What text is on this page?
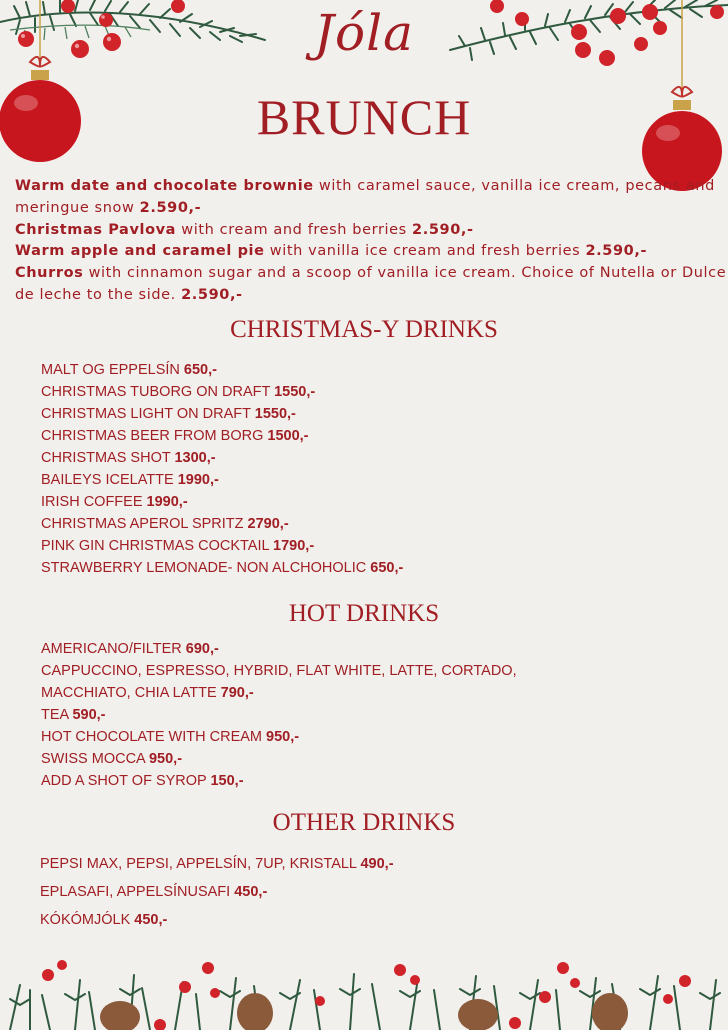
Jóla
BRUNCH

Warm date and chocolate brownie with caramel sauce, vanilla ice cream, pecans and meringue snow 2.590,-

Christmas Pavlova with cream and fresh berries 2.590,-

Warm apple and caramel pie with vanilla ice cream and fresh berries 2.590,-

Churros with cinnamon sugar and a scoop of vanilla ice cream. Choice of Nutella or Dulce de leche to the side. 2.590,-

CHRISTMAS-Y DRINKS
MALT OG EPPELSÍN 650,-
CHRISTMAS TUBORG ON DRAFT 1550,-
CHRISTMAS LIGHT ON DRAFT 1550,-
CHRISTMAS BEER FROM BORG 1500,-
CHRISTMAS SHOT 1300,-
BAILEYS ICELATTE 1990,-
IRISH COFFEE 1990,-
CHRISTMAS APEROL SPRITZ 2790,-
PINK GIN CHRISTMAS COCKTAIL 1790,-
STRAWBERRY LEMONADE- NON ALCHOHOLIC 650,-
HOT DRINKS
AMERICANO/FILTER 690,-
CAPPUCCINO, ESPRESSO, HYBRID, FLAT WHITE, LATTE, CORTADO,
MACCHIATO, CHIA LATTE 790,-
TEA 590,-
HOT CHOCOLATE WITH CREAM 950,-
SWISS MOCCA 950,-
ADD A SHOT OF SYROP 150,-
OTHER DRINKS
PEPSI MAX, PEPSI, APPELSÍN, 7UP, KRISTALL 490,-
EPLASAFI, APPELSÍNUSAFI 450,-
KÓKÓMJÓLK 450,-
